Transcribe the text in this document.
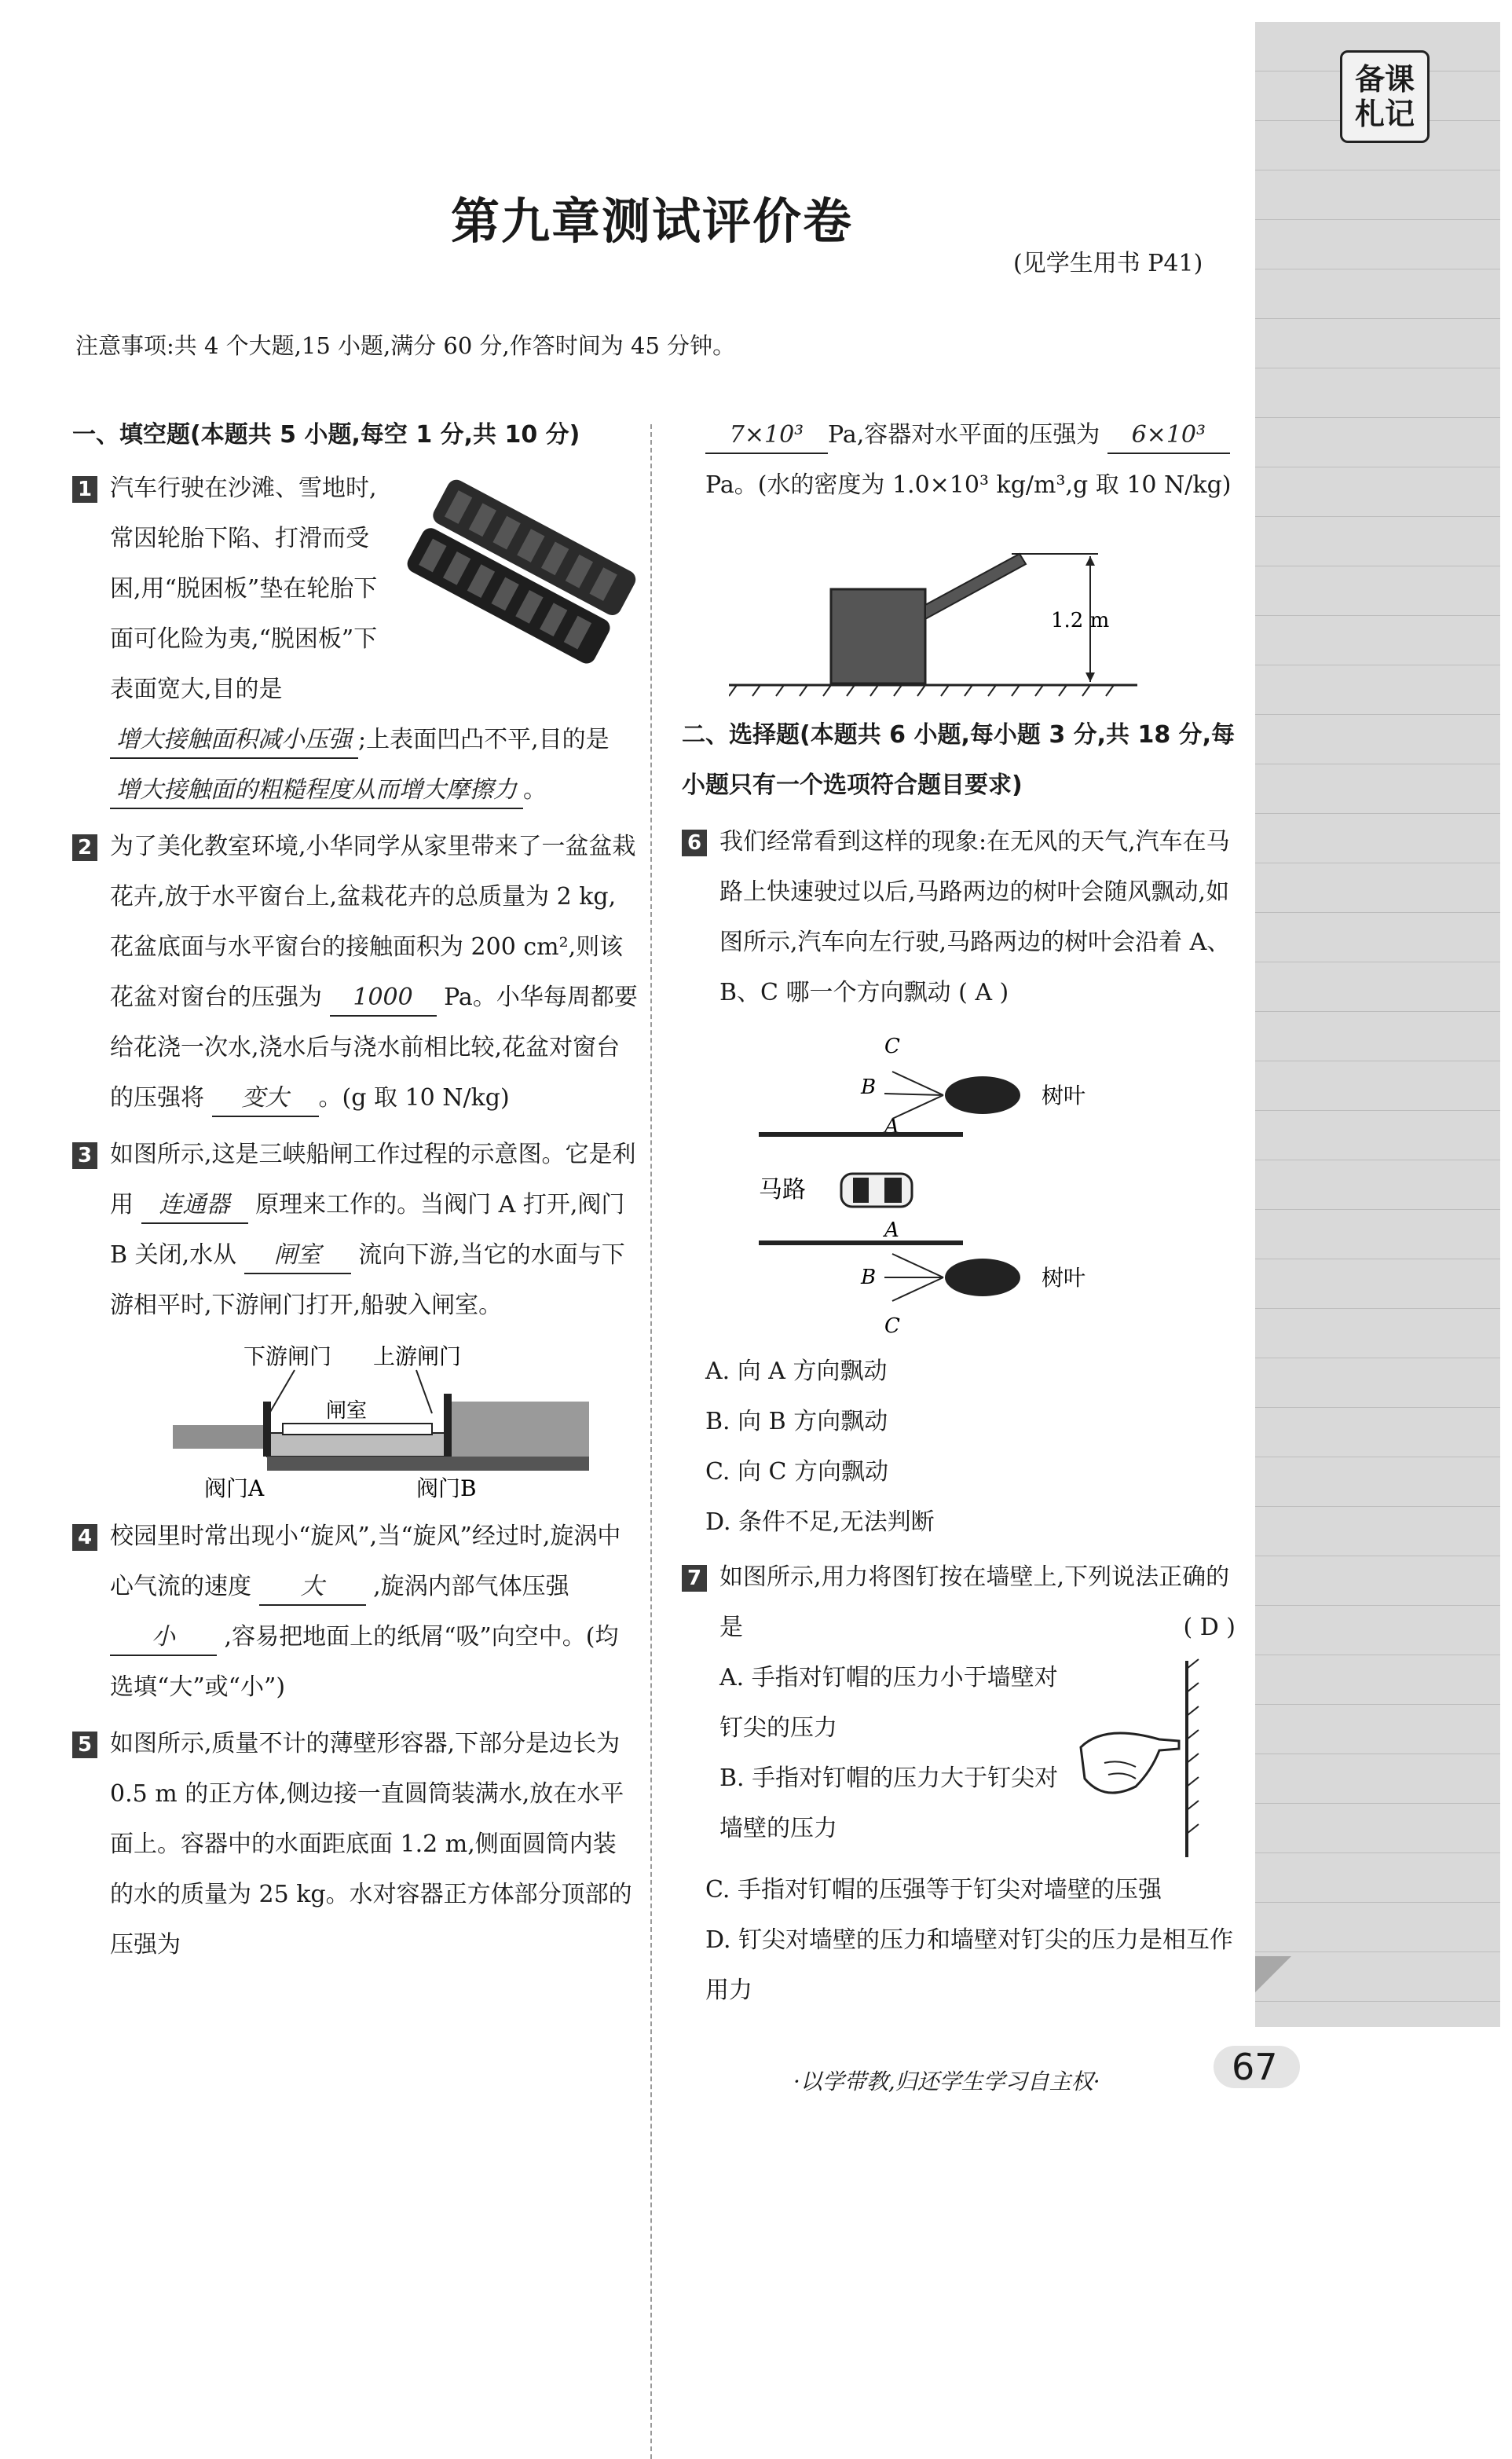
备课
札记
第九章测试评价卷
(见学生用书 P41)
注意事项:共 4 个大题,15 小题,满分 60 分,作答时间为 45 分钟。
一、填空题(本题共 5 小题,每空 1 分,共 10 分)
1 汽车行驶在沙滩、雪地时,常因轮胎下陷、打滑而受困,用“脱困板”垫在轮胎下面可化险为夷,“脱困板”下表面宽大,目的是
增大接触面积减小压强 ;上表面凹凸不平,目的是 增大接触面的粗糙程度从而增大摩擦力 。
2 为了美化教室环境,小华同学从家里带来了一盆盆栽花卉,放于水平窗台上,盆栽花卉的总质量为 2 kg,花盆底面与水平窗台的接触面积为 200 cm²,则该花盆对窗台的压强为 1000 Pa。小华每周都要给花浇一次水,浇水后与浇水前相比较,花盆对窗台的压强将 变大 。(g 取 10 N/kg)
3 如图所示,这是三峡船闸工作过程的示意图。它是利用 连通器 原理来工作的。当阀门 A 打开,阀门 B 关闭,水从 闸室 流向下游,当它的水面与下游相平时,下游闸门打开,船驶入闸室。
下游闸门 上游闸门
闸室
阀门A	阀门B
4 校园里时常出现小“旋风”,当“旋风”经过时,旋涡中心气流的速度 大 ,旋涡内部气体压强 小 ,容易把地面上的纸屑“吸”向空中。(均选填“大”或“小”)
5 如图所示,质量不计的薄壁形容器,下部分是边长为 0.5 m 的正方体,侧边接一直圆筒装满水,放在水平面上。容器中的水面距底面 1.2 m,侧面圆筒内装的水的质量为 25 kg。水对容器正方体部分顶部的压强为
7×10³ Pa,容器对水平面的压强为 6×10³Pa。(水的密度为 1.0×10³ kg/m³,g 取 10 N/kg)
1.2 m
二、选择题(本题共 6 小题,每小题 3 分,共 18 分,每小题只有一个选项符合题目要求)
6 我们经常看到这样的现象:在无风的天气,汽车在马路上快速驶过以后,马路两边的树叶会随风飘动,如图所示,汽车向左行驶,马路两边的树叶会沿着 A、B、C 哪一个方向飘动 ( A )
C
B
A
树叶
马路
A
B	树叶
C
A. 向 A 方向飘动
B. 向 B 方向飘动
C. 向 C 方向飘动
D. 条件不足,无法判断
7 如图所示,用力将图钉按在墙壁上,下列说法正确的是	( D )
A. 手指对钉帽的压力小于墙壁对钉尖的压力
B. 手指对钉帽的压力大于钉尖对墙壁的压力
C. 手指对钉帽的压强等于钉尖对墙壁的压强
D. 钉尖对墙壁的压力和墙壁对钉尖的压力是相互作用力
·以学带教,归还学生学习自主权·	67
